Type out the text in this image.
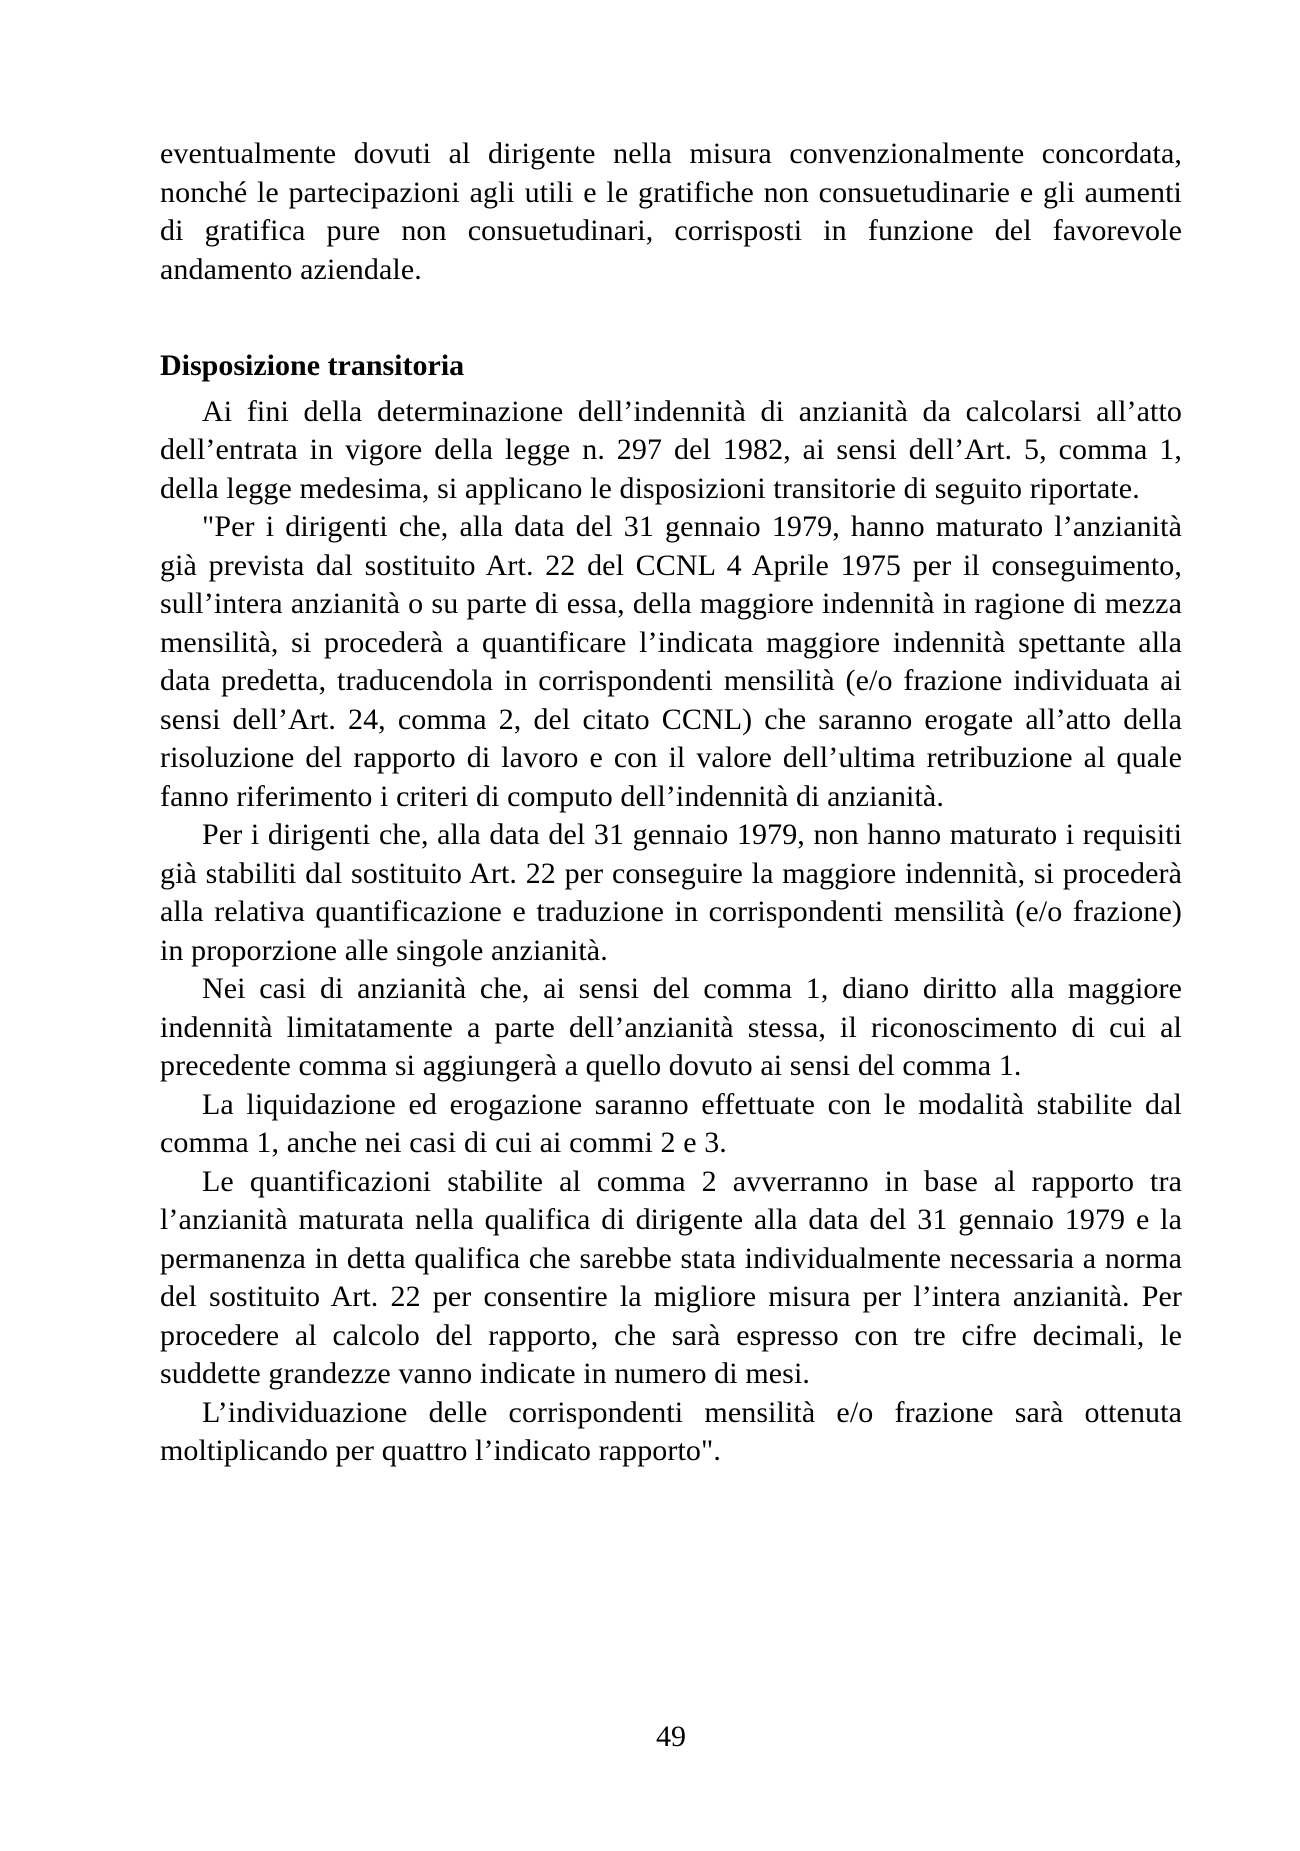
eventualmente dovuti al dirigente nella misura convenzionalmente concordata, nonché le partecipazioni agli utili e le gratifiche non consuetudinarie e gli aumenti di gratifica pure non consuetudinari, corrisposti in funzione del favorevole andamento aziendale.

Disposizione transitoria

Ai fini della determinazione dell’indennità di anzianità da calcolarsi all’atto dell’entrata in vigore della legge n. 297 del 1982, ai sensi dell’Art. 5, comma 1, della legge medesima, si applicano le disposizioni transitorie di seguito riportate.

"Per i dirigenti che, alla data del 31 gennaio 1979, hanno maturato l’anzianità già prevista dal sostituito Art. 22 del CCNL 4 Aprile 1975 per il conseguimento, sull’intera anzianità o su parte di essa, della maggiore indennità in ragione di mezza mensilità, si procederà a quantificare l’indicata maggiore indennità spettante alla data predetta, traducendola in corrispondenti mensilità (e/o frazione individuata ai sensi dell’Art. 24, comma 2, del citato CCNL) che saranno erogate all’atto della risoluzione del rapporto di lavoro e con il valore dell’ultima retribuzione al quale fanno riferimento i criteri di computo dell’indennità di anzianità.

Per i dirigenti che, alla data del 31 gennaio 1979, non hanno maturato i requisiti già stabiliti dal sostituito Art. 22 per conseguire la maggiore indennità, si procederà alla relativa quantificazione e traduzione in corrispondenti mensilità (e/o frazione) in proporzione alle singole anzianità.

Nei casi di anzianità che, ai sensi del comma 1, diano diritto alla maggiore indennità limitatamente a parte dell’anzianità stessa, il riconoscimento di cui al precedente comma si aggiungerà a quello dovuto ai sensi del comma 1.

La liquidazione ed erogazione saranno effettuate con le modalità stabilite dal comma 1, anche nei casi di cui ai commi 2 e 3.

Le quantificazioni stabilite al comma 2 avverranno in base al rapporto tra l’anzianità maturata nella qualifica di dirigente alla data del 31 gennaio 1979 e la permanenza in detta qualifica che sarebbe stata individualmente necessaria a norma del sostituito Art. 22 per consentire la migliore misura per l’intera anzianità. Per procedere al calcolo del rapporto, che sarà espresso con tre cifre decimali, le suddette grandezze vanno indicate in numero di mesi.

L’individuazione delle corrispondenti mensilità e/o frazione sarà ottenuta moltiplicando per quattro l’indicato rapporto".

49
